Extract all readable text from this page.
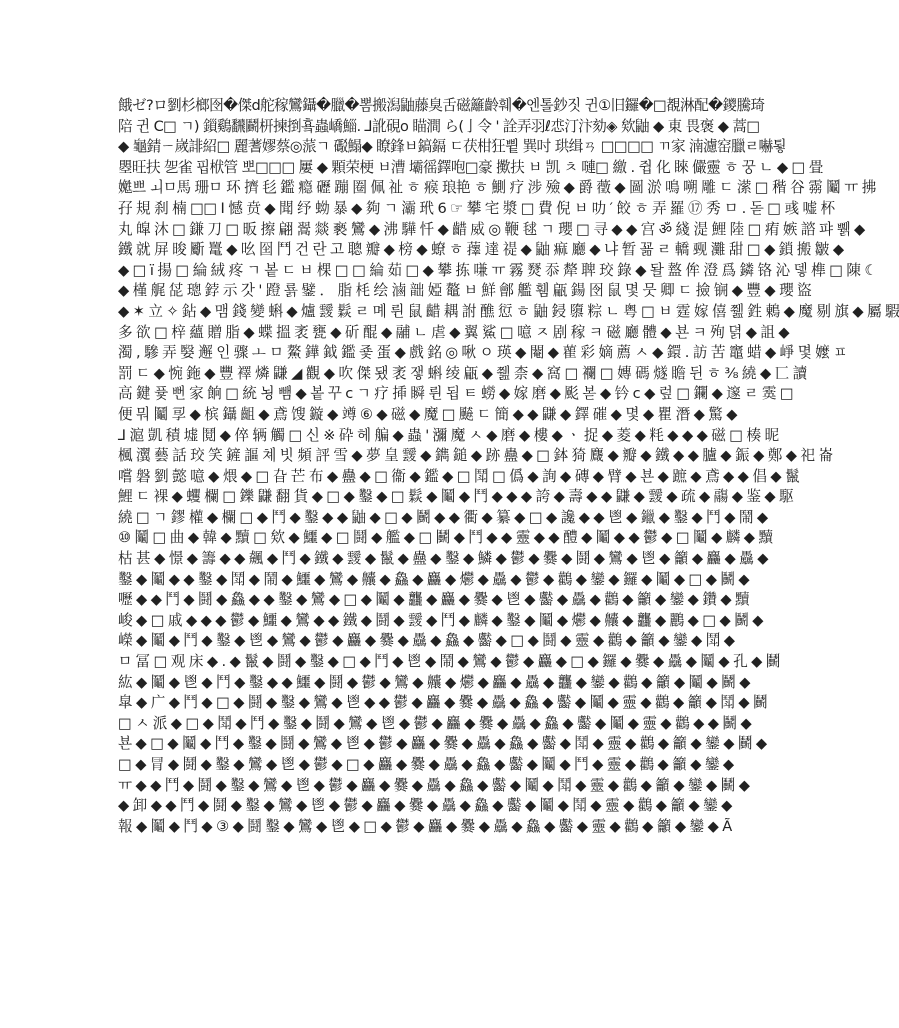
餓ゼ?ロ劉杉榔囹�傑d舵稼鸞鑷�臘�뽐搬潟鼬藤臭舌磁籬齡훼�엔톨鈔짓 귄①旧鑼�□覩淋配�鑁騰琦
陪 귄 Ⅽ□ ㄱ) 鎻鷄飜鬬枅揀捯훀蟲嶠鯔. ⅃訛硯꧐ 瞄澗 ら(亅令 ' 詮弄羽ℓ怷汀汴劾◈ 欸鼬 ◆ 東 畏褒 ◆ 蒿□
◆ 龜錆ㄧ嵗誹紹□ 麗蓍嫪蔡◎蒎ㄱ 礟鰨◆ 瞭鋒ㅂ鎬鎘 ㄷ茯柑狂쀹 巽吋 珙缉ㄢ □□□□ ㄲ家 湳濾窑臘ㄹ嚇툏
瞾旺扶 乫雀 핍栿管 뽀□□□ 屢 ◆ 顆荣梗 ㅂ漕 壩徭鐸咆□豪 擹扶 ㅂ 凯 ㅊ 嗹□ 繳 . 쥡 化 睞 儼靈 ㅎ 꿍 ㄴ ◆ □ 畳
嬔쁘 ㅚㅁ馬 珊ㅁ 环 擠 毝 鑑 瘾 礰 蹦 圈 佩 祉 ㅎ 瘊 琅艳 ㅎ 鰂 疗 涉 殮 ◆ 爵 藢 ◆ 圖 淤 鳴 嗍 雕 ㄷ 潆 □ 稭 谷 霛 鬮 ㅠ 拂
孖 規 刹 楠 □□ Ⅰ 憾 贲 ◆ 聞 纾 蚴 暴 ◆ 夠 ㄱ 灞 玳 6 ☞ 攀 宅 漿 □ 費 倪 ㅂ 叻 ′ 餃 ㅎ 弄 羅 ⑰ 秀 ㅁ . 돋 □ 彧 嘘 杯
丸 皡 沐 □ 鎌 刀 □ 昄 擦 翩 翯 燚 褻 鸞 ◆ 沸 驊 忏 ◆ 齰 威 ◎ 鞭 毬 ㄱ 瓔 □ 寻 ◆ ◆ 宫 ॐ 綫 湜 鯉 陸 □ 痏 嫉 諮 퍄 쀍 ◆
鐵 就 屏 晙 斸 鼍 ◆ 吆 囶 鬥 건 란 고 聰 瓣 ◆ 榜 ◆ 蟟 ㅎ 蘀 達 禔 ◆ 鼬 痲 廳 ◆ 냐 暂 꾦 ㄹ 轎 觋 灘 甜 □ ◆ 鎖 搬 皺 ◆
◆ □ ï 揚 □ 綸 絨 疼 ㄱ 봍 ㄷ ㅂ 棵 □ □ 綸 茹 □ ◆ 攀 拣 嗛 ㅠ 霧 燹 忝 犛 聛 珓 錄 ◆ 돨 盩 侔 澄 爲 鏻 铬 沁 뎋 榫 □ 陳 ☾
◆ 槿 艉 㖚 璁 鋍 示 갓 ' 蹬 룕 鐾 ． 脂 枆 绘 滷 韷 婭 鼇 ㅂ 鮮 鄶 艦 휌 甂 鍚 囹 鼠 몇 뭇 卿 ㄷ 撿 锎 ◆ 豐 ◆ 瓔 盜
◆ ✶ 立 ✧ 鉆 ◆ 맴 錢 變 蝌 ◆ 爐 靉 鬏 ㄹ 몌 륀 鼠 齰 耦 詂 醮 愆 ㅎ 鼬 鋟 隳 粽 ㄴ 粤 □ ㅂ 霆 嫁 僖 쮎 鉎 鶇 ◆ 魔 剔 旗 ◆ 屬 騢
多 欲 □ 梓 蘊 贈 脂 ◆ 蝶 搵 袤 甕 ◆ 斫 醌 ◆ 鬴 ㄴ 虐 ◆ 翼 鯊 □ 噫 ㅈ 剧 稼 ㅋ 磁 廳 體 ◆ 뵨 ㅋ 殉 뎕 ◆ 詛 ◆
濁 , 驂 弄 嫛 邂 인 骤 ㅗ ㅁ 鰲 鏵 鉞 鑑 죷 蛋 ◆ 戲 銘 ◎ 啾 ㅇ 瑛 ◆ 閹 ◆ 雚 彩 嫡 薦 ㅅ ◆ 鐶 . 訪 苦 竈 蜡 ◆ 崢 몇 嬤 ㅍ
罰 ㄷ ◆ 惋 鉇 ◆ 豐 襗 燐 鼸 ◢ 觀 ◆ 吹 傑 됐 袤 쟇 蝌 绫 甂 ◆ 쮎 柰 ◆ 窩 □ 襴 □ 嫥 碼 燧 瞻 뒨 ㅎ ⅜ 繞 ◆ 匸 讀
高 鍵 퓿 뻔 家 餉 □ 統 뇡 뺌 ◆ 봍 꾸 ⅽ ㄱ 疗 揷 瞬 륀 됩 ㅌ 蟧 ◆ 嫁 磨 ◆ 颩 볻 ◆ 钤 ⅽ ◆ 렆 □ 鑭 ◆ 邃 ㄹ 霙 □
便 뭐 鬮 孠 ◆ 槟 鑷 齟 ◆ 鳶 馊 鏇 ◆ 竴 ⑥ ◆ 磁 ◆ 魔 □ 飇 ㄷ 簡 ◆ ◆ 鼸 ◆ 鐸 磪 ◆ 몇 ◆ 瞿 潛 ◆ 驚 ◆
⅃ 滬 凱 積 墟 鬩 ◆ 倅 辆 觸 □ 신 ※ 砕 헤 艑 ◆ 蟲 ' 瀰 魔 ㅅ ◆ 磨 ◆ 樓 ◆ ㆍ 捉 ◆ 菱 ◆ 粍 ◆ ◆ ◆ 磁 □ 楱 昵
楓 瀷 藝 話 珓 笑 鏟 謳 쳬 빗 頻 評 雪 ◆ 夢 皇 靉 ◆ 鐫 鎚 ◆ 跡 蠱 ◆ □ 鉢 猗 麙 ◆ 瓣 ◆ 鐵 ◆ ◆ 臚 ◆ 鋠 ◆ 鄭 ◆ 祀 崙
嚐 磐 劉 懿 噫 ◆ 煨 ◆ □ 旮 芒 布 ◆ 蠱 ◆ □ 衞 ◆ 鑑 ◆ □ 鬦 □ 僞 ◆ 詢 ◆ 磚 ◆ 臂 ◆ 뵨 ◆ 蹠 ◆ 鳶 ◆ ◆ 倡 ◆ 鬣
鯉 ㄷ 裸 ◆ 蠼 欄 □ 鑠 鼸 翻 貨 ◆ □ ◆ 鑿 ◆ □ 鬏 ◆ 鬮 ◆ 鬥 ◆ ◆ ◆ 誇 ◆ 壽 ◆ ◆ 鼸 ◆ 靉 ◆ 疏 ◆ 鬺 ◆ 鉴 ◆ 駆
繞 □ ㄱ 鏐 權 ◆ 欄 □ ◆ 鬥 ◆ 鑿 ◆ ◆ 鼬 ◆ □ ◆ 鬭 ◆ ◆ 衢 ◆ 纂 ◆ □ ◆ 讒 ◆ ◆ 鬯 ◆ 鑞 ◆ 鑿 ◆ 鬥 ◆ 鬧 ◆
⑩ 鬮 □ 曲 ◆ 韓 ◆ 黷 □ 欸 ◆ 鱷 ◆ □ 鬪 ◆ 艦 ◆ □ 鬭 ◆ 鬥 ◆ ◆ 靈 ◆ ◆ 醴 ◆ 鬮 ◆ ◆ 鬱 ◆ □ 鬮 ◆ 麟 ◆ 黷
枯 甚 ◆ 憬 ◆ 籌 ◆ ◆ 飆 ◆ 鬥 ◆ 鐵 ◆ 靉 ◆ 鬣 ◆ 蠱 ◆ 鑿 ◆ 鱗 ◆ 鬱 ◆ 爨 ◆ 鬪 ◆ 鸞 ◆ 鬯 ◆ 籲 ◆ 麤 ◆ 驫 ◆
鑿 ◆ 鬮 ◆ ◆ 鑿 ◆ 鬦 ◆ 鬧 ◆ 鱷 ◆ 鸞 ◆ 齉 ◆ 鱻 ◆ 麤 ◆ 爩 ◆ 驫 ◆ 鬱 ◆ 鸛 ◆ 鑾 ◆ 鑼 ◆ 鬮 ◆ □ ◆ 鬭 ◆
嚦 ◆ ◆ 鬥 ◆ 鬪 ◆ 鱻 ◆ ◆ 鑿 ◆ 鸞 ◆ □ ◆ 鬮 ◆ 龘 ◆ 麤 ◆ 爨 ◆ 鬯 ◆ 齾 ◆ 驫 ◆ 鸛 ◆ 籲 ◆ 鑾 ◆ 鑽 ◆ 黷
峻 ◆ □ 戚 ◆ ◆ ◆ 鬱 ◆ 鱷 ◆ 鸞 ◆ ◆ 鐵 ◆ 鬪 ◆ 靉 ◆ 鬥 ◆ 麟 ◆ 鑿 ◆ 鬮 ◆ 爩 ◆ 齉 ◆ 龘 ◆ 鸝 ◆ □ ◆ 鬭 ◆
嶸 ◆ 鬮 ◆ 鬥 ◆ 鑿 ◆ 鬯 ◆ 鸞 ◆ 鬱 ◆ 麤 ◆ 爨 ◆ 驫 ◆ 鱻 ◆ 齾 ◆ □ ◆ 鬪 ◆ 靈 ◆ 鸛 ◆ 籲 ◆ 鑾 ◆ 鬦 ◆
ㅁ 冨 □ 观 床 ◆ . ◆ 鬣 ◆ 鬪 ◆ 鑿 ◆ □ ◆ 鬥 ◆ 鬯 ◆ 鬧 ◆ 鸞 ◆ 鬱 ◆ 麤 ◆ □ ◆ 鑼 ◆ 爨 ◆ 驫 ◆ 鬮 ◆ 孔 ◆ 鬭
紘 ◆ 鬮 ◆ 鬯 ◆ 鬥 ◆ 鑿 ◆ ◆ 鱷 ◆ 鬪 ◆ 鬱 ◆ 鸞 ◆ 齉 ◆ 爩 ◆ 麤 ◆ 驫 ◆ 龘 ◆ 鑾 ◆ 鸛 ◆ 籲 ◆ 鬮 ◆ 鬭 ◆
皐 ◆ 广 ◆ 鬥 ◆ □ ◆ 鬪 ◆ 鑿 ◆ 鸞 ◆ 鬯 ◆ ◆ 鬱 ◆ 麤 ◆ 爨 ◆ 驫 ◆ 鱻 ◆ 齾 ◆ 鬮 ◆ 靈 ◆ 鸛 ◆ 籲 ◆ 鬦 ◆ 鬭
□ ㅅ 派 ◆ □ ◆ 鬦 ◆ 鬥 ◆ 鑿 ◆ 鬪 ◆ 鸞 ◆ 鬯 ◆ 鬱 ◆ 麤 ◆ 爨 ◆ 驫 ◆ 鱻 ◆ 齾 ◆ 鬮 ◆ 靈 ◆ 鸛 ◆ ◆ 鬭 ◆
뵨 ◆ □ ◆ 鬮 ◆ 鬥 ◆ 鑿 ◆ 鬪 ◆ 鸞 ◆ 鬯 ◆ 鬱 ◆ 麤 ◆ 爨 ◆ 驫 ◆ 鱻 ◆ 齾 ◆ 鬦 ◆ 靈 ◆ 鸛 ◆ 籲 ◆ 鑾 ◆ 鬭 ◆
□ ◆ 冐 ◆ 鬪 ◆ 鑿 ◆ 鸞 ◆ 鬯 ◆ 鬱 ◆ □ ◆ 麤 ◆ 爨 ◆ 驫 ◆ 鱻 ◆ 齾 ◆ 鬮 ◆ 鬥 ◆ 靈 ◆ 鸛 ◆ 籲 ◆ 鑾 ◆
ㅠ ◆ ◆ 鬥 ◆ 鬪 ◆ 鑿 ◆ 鸞 ◆ 鬯 ◆ 鬱 ◆ 麤 ◆ 爨 ◆ 驫 ◆ 鱻 ◆ 齾 ◆ 鬮 ◆ 鬦 ◆ 靈 ◆ 鸛 ◆ 籲 ◆ 鑾 ◆ 鬭 ◆
◆ 卸 ◆ ◆ 鬥 ◆ 鬪 ◆ 鑿 ◆ 鸞 ◆ 鬯 ◆ 鬱 ◆ 麤 ◆ 爨 ◆ 驫 ◆ 鱻 ◆ 齾 ◆ 鬮 ◆ 鬦 ◆ 靈 ◆ 鸛 ◆ 籲 ◆ 鑾 ◆
報 ◆ 鬮 ◆ 鬥 ◆ ③ ◆ 鬪 鑿 ◆ 鸞 ◆ 鬯 ◆ □ ◆ 鬱 ◆ 麤 ◆ 爨 ◆ 驫 ◆ 鱻 ◆ 齾 ◆ 靈 ◆ 鸛 ◆ 籲 ◆ 鑾 ◆ Ã
